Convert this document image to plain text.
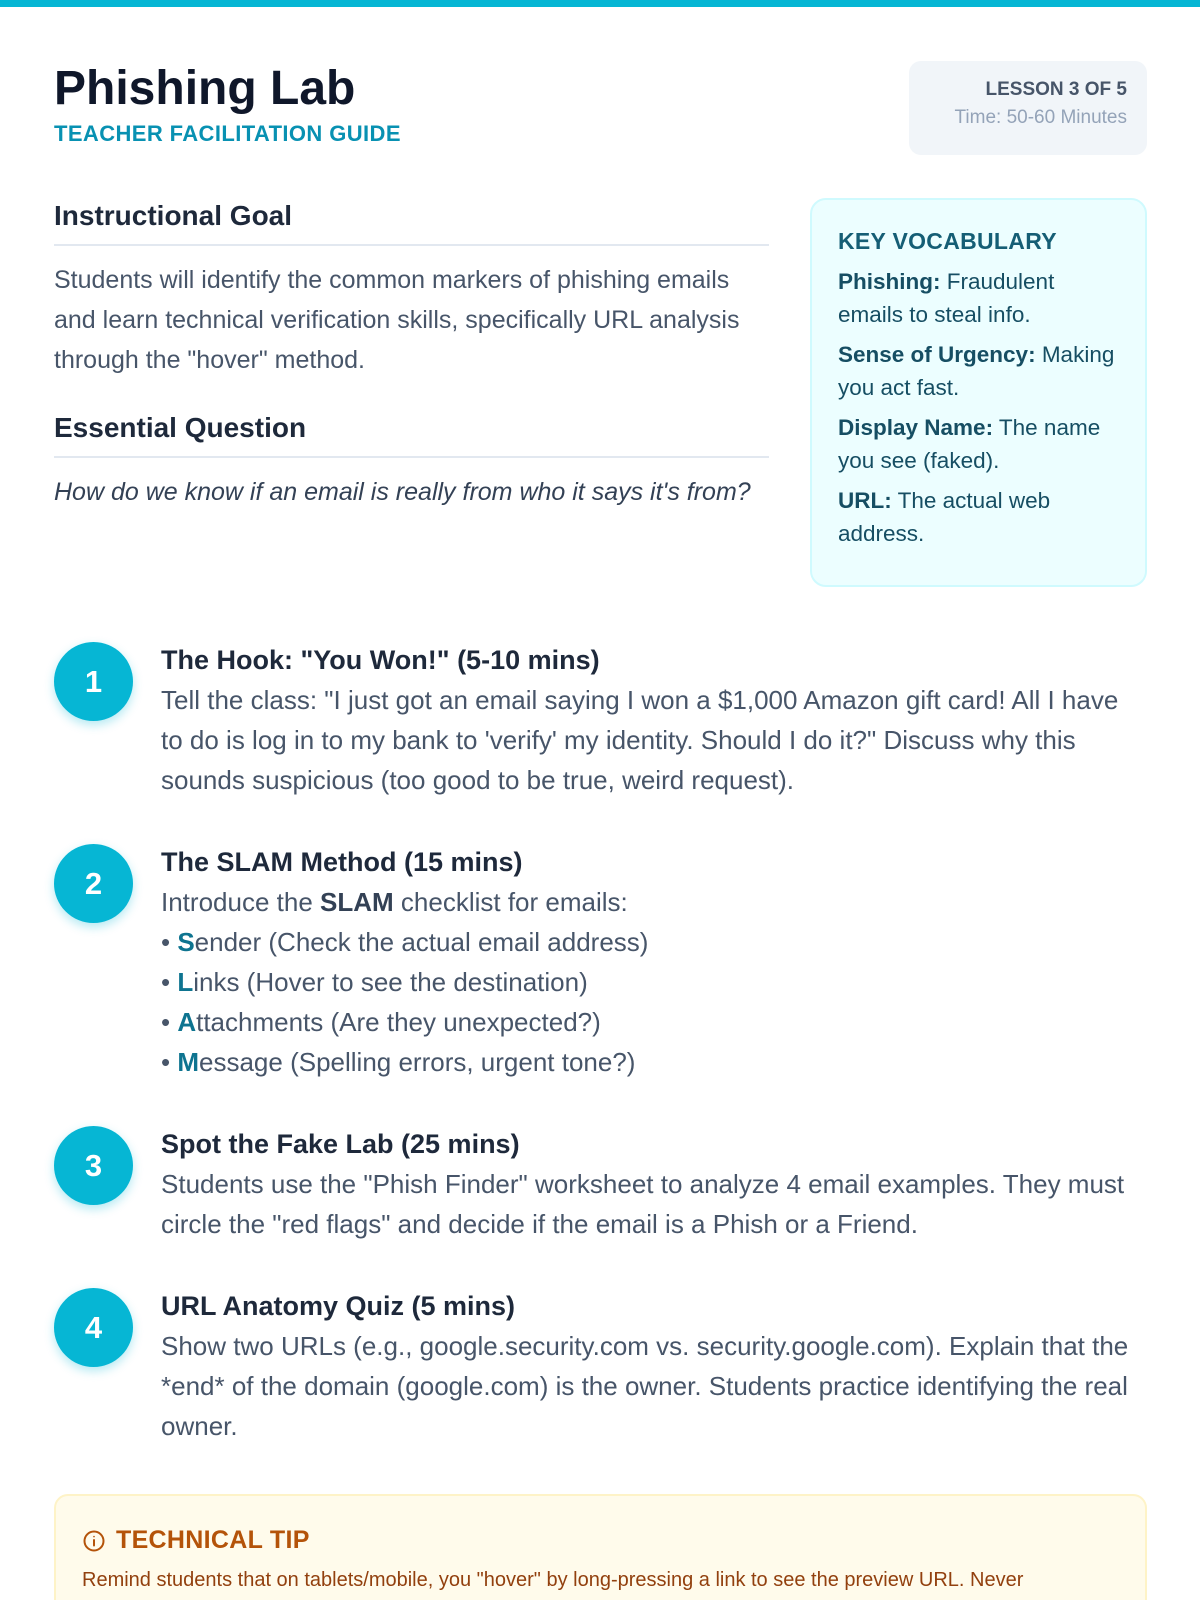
Phishing Lab
TEACHER FACILITATION GUIDE
LESSON 3 OF 5
Time: 50-60 Minutes
Instructional Goal

Students will identify the common markers of phishing emails and learn technical verification skills, specifically URL analysis through the "hover" method.

Essential Question

How do we know if an email is really from who it says it's from?

KEY VOCABULARY
Phishing: Fraudulent emails to steal info.
Sense of Urgency: Making you act fast.
Display Name: The name you see (faked).
URL: The actual web address.
1
The Hook: "You Won!" (5-10 mins)

Tell the class: "I just got an email saying I won a $1,000 Amazon gift card! All I have to do is log in to my bank to 'verify' my identity. Should I do it?" Discuss why this sounds suspicious (too good to be true, weird request).

2
The SLAM Method (15 mins)

Introduce the SLAM checklist for emails:

• Sender (Check the actual email address)
• Links (Hover to see the destination)
• Attachments (Are they unexpected?)
• Message (Spelling errors, urgent tone?)
3
Spot the Fake Lab (25 mins)

Students use the "Phish Finder" worksheet to analyze 4 email examples. They must circle the "red flags" and decide if the email is a Phish or a Friend.

4
URL Anatomy Quiz (5 mins)

Show two URLs (e.g., google.security.com vs. security.google.com). Explain that the *end* of the domain (google.com) is the owner. Students practice identifying the real owner.

TECHNICAL TIP

Remind students that on tablets/mobile, you "hover" by long-pressing a link to see the preview URL. Never
